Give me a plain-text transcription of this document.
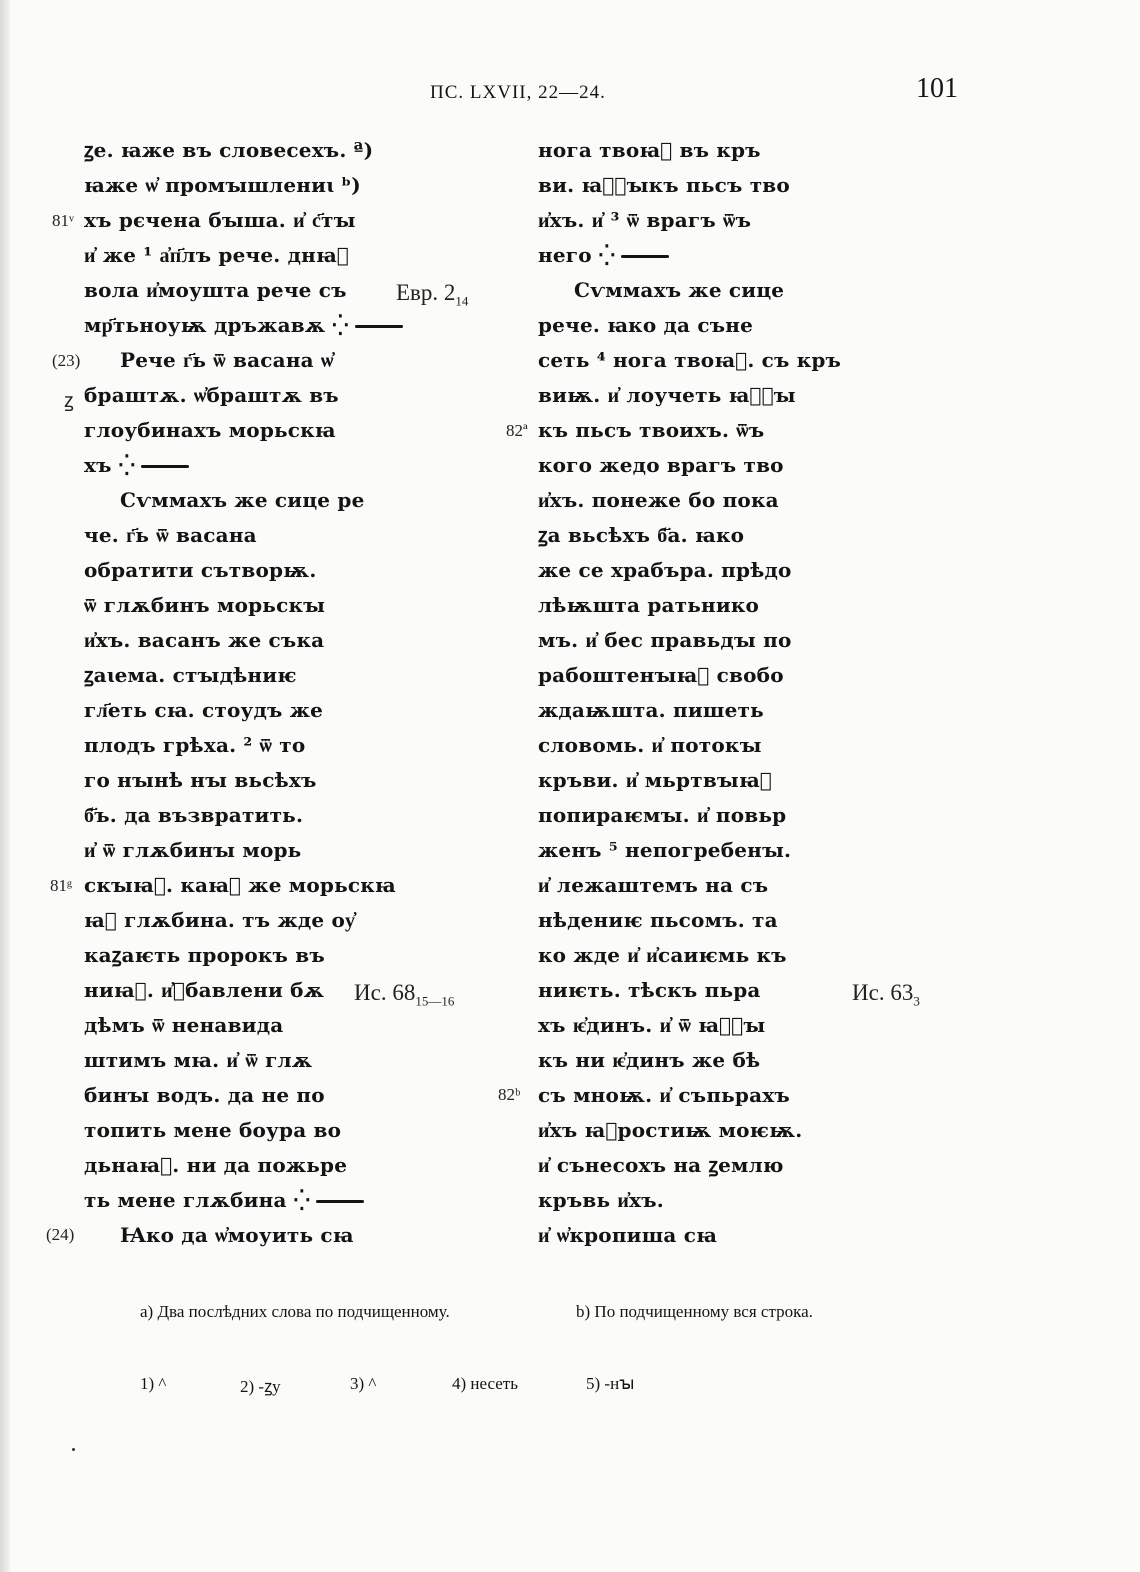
ПС. LXVII, 22—24.	101
81ᵛ
(23)
ꙁ
81ᵍ
(24)
82ª
82ᵇ
Евр. $2_{14}$
Ис. $68_{15—16}$	Ис. $63_3$
ꙁе. ꙗже въ словесехъ. ª)
ꙗже ѡ҆ промꙑшлениꙇ ᵇ)
хъ рєчена бꙑша. и҆ с҃тꙑ
и҆ же ¹ а҆п҃лъ рече. днꙗ҆
вола и҆моушта рече съ
мр҃тьноуѭ дръжавѫ ⁛
Рече г҃ь ѿ васана ѡ҆
браштѫ. ѡ҆браштѫ въ
глоубинахъ морьскꙗ
хъ ⁛
Сѵммахъ же сице ре
че. г҃ь ѿ васана
обратити сътворѭ.
ѿ глѫбинъ морьскꙑ
и҆хъ. васанъ же съка
ꙁаꙇема. стꙑдѣниѥ
гл҃еть сꙗ. стоудъ же
плодъ грѣха. ² ѿ то
го нꙑнѣ нꙑ вьсѣхъ
б҃ъ. да възвратить.
и҆ ѿ глѫбинꙑ морь
скꙑꙗ҆. каꙗ҆ же морьскꙗ
ꙗ҆ глѫбина. тъ жде оу҆
каꙁаѥть пророкъ въ
ниꙗ҆. и҆ꙁбавлени бѫ
дѣмъ ѿ ненавида
штимъ мꙗ. и҆ ѿ глѫ
бинꙑ водъ. да не по
топить мене боура во
дьнаꙗ҆. ни да пожьре
ть мене глѫбина ⁛
Ꙗко да ѡ҆моуить сꙗ
нога твоꙗ҆ въ кръ
ви. ꙗ҆ꙁꙑкъ пьсъ тво
и҆хъ. и҆ ³ ѿ врагъ ѿъ
него ⁛
Сѵммахъ же сице
рече. ꙗко да съне
сеть ⁴ нога твоꙗ҆. съ кръ
виѭ. и҆ лоучеть ꙗ҆ꙁꙑ
къ пьсъ твоихъ. ѿъ
кого жедо врагъ тво
и҆хъ. понеже бо пока
ꙁа вьсѣхъ б҃а. ꙗко
же се храбъра. прѣдо
лѣѭшта ратьнико
мъ. и҆ бес правьдꙑ по
рабоштенꙑꙗ҆ свобо
ждаѭшта. пишеть
словомь. и҆ потокꙑ
кръви. и҆ мьртвꙑꙗ҆
попираѥмꙑ. и҆ повьр
женъ ⁵ непогребенꙑ.
и҆ лежаштемъ на съ
нѣдениѥ пьсомъ. та
ко жде и҆ и҆саиѥмь къ
ниѥть. тѣскъ пьра
хъ ѥ҆динъ. и҆ ѿ ꙗ҆ꙁꙑ
къ ни ѥ҆динъ же бѣ
съ мноѭ. и҆ съпьрахъ
и҆хъ ꙗ҆ростиѭ моѥѭ.
и҆ сънесохъ на ꙁемлю
кръвь и҆хъ.
и҆ ѡ҆кропиша сꙗ
a) Два послѣдних слова по подчищенному.	b) По подчищенному вся строка.
1) ^	2) -ꙁу	3) ^	4) несеть	5) -нꙑ
